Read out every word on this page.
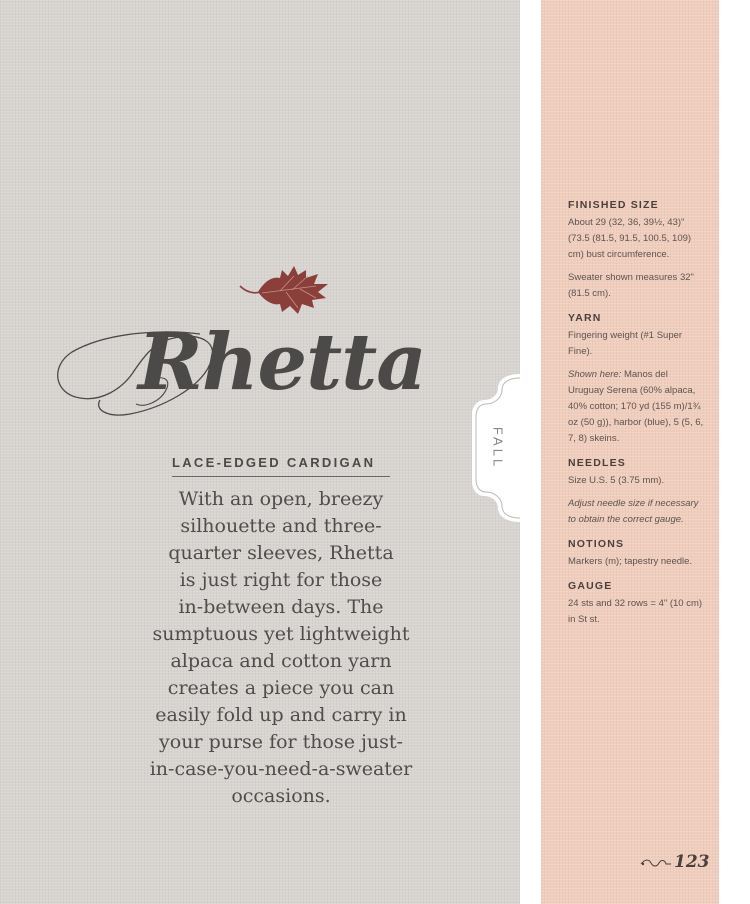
Rhetta
LACE-EDGED CARDIGAN
With an open, breezy
silhouette and three-
quarter sleeves, Rhetta
is just right for those
in-between days. The
sumptuous yet lightweight
alpaca and cotton yarn
creates a piece you can
easily fold up and carry in
your purse for those just-
in-case-you-need-a-sweater
occasions.
FALL
FINISHED SIZE
About 29 (32, 36, 39½, 43)" (73.5 (81.5, 91.5, 100.5, 109) cm) bust circumference.
Sweater shown measures 32" (81.5 cm).
YARN
Fingering weight (#1 Super Fine).
Shown here: Manos del Uruguay Serena (60% alpaca, 40% cotton; 170 yd (155 m)/1¾ oz (50 g)), harbor (blue), 5 (5, 6, 7, 8) skeins.
NEEDLES
Size U.S. 5 (3.75 mm).
Adjust needle size if necessary to obtain the correct gauge.
NOTIONS
Markers (m); tapestry needle.
GAUGE
24 sts and 32 rows = 4" (10 cm) in St st.
123
